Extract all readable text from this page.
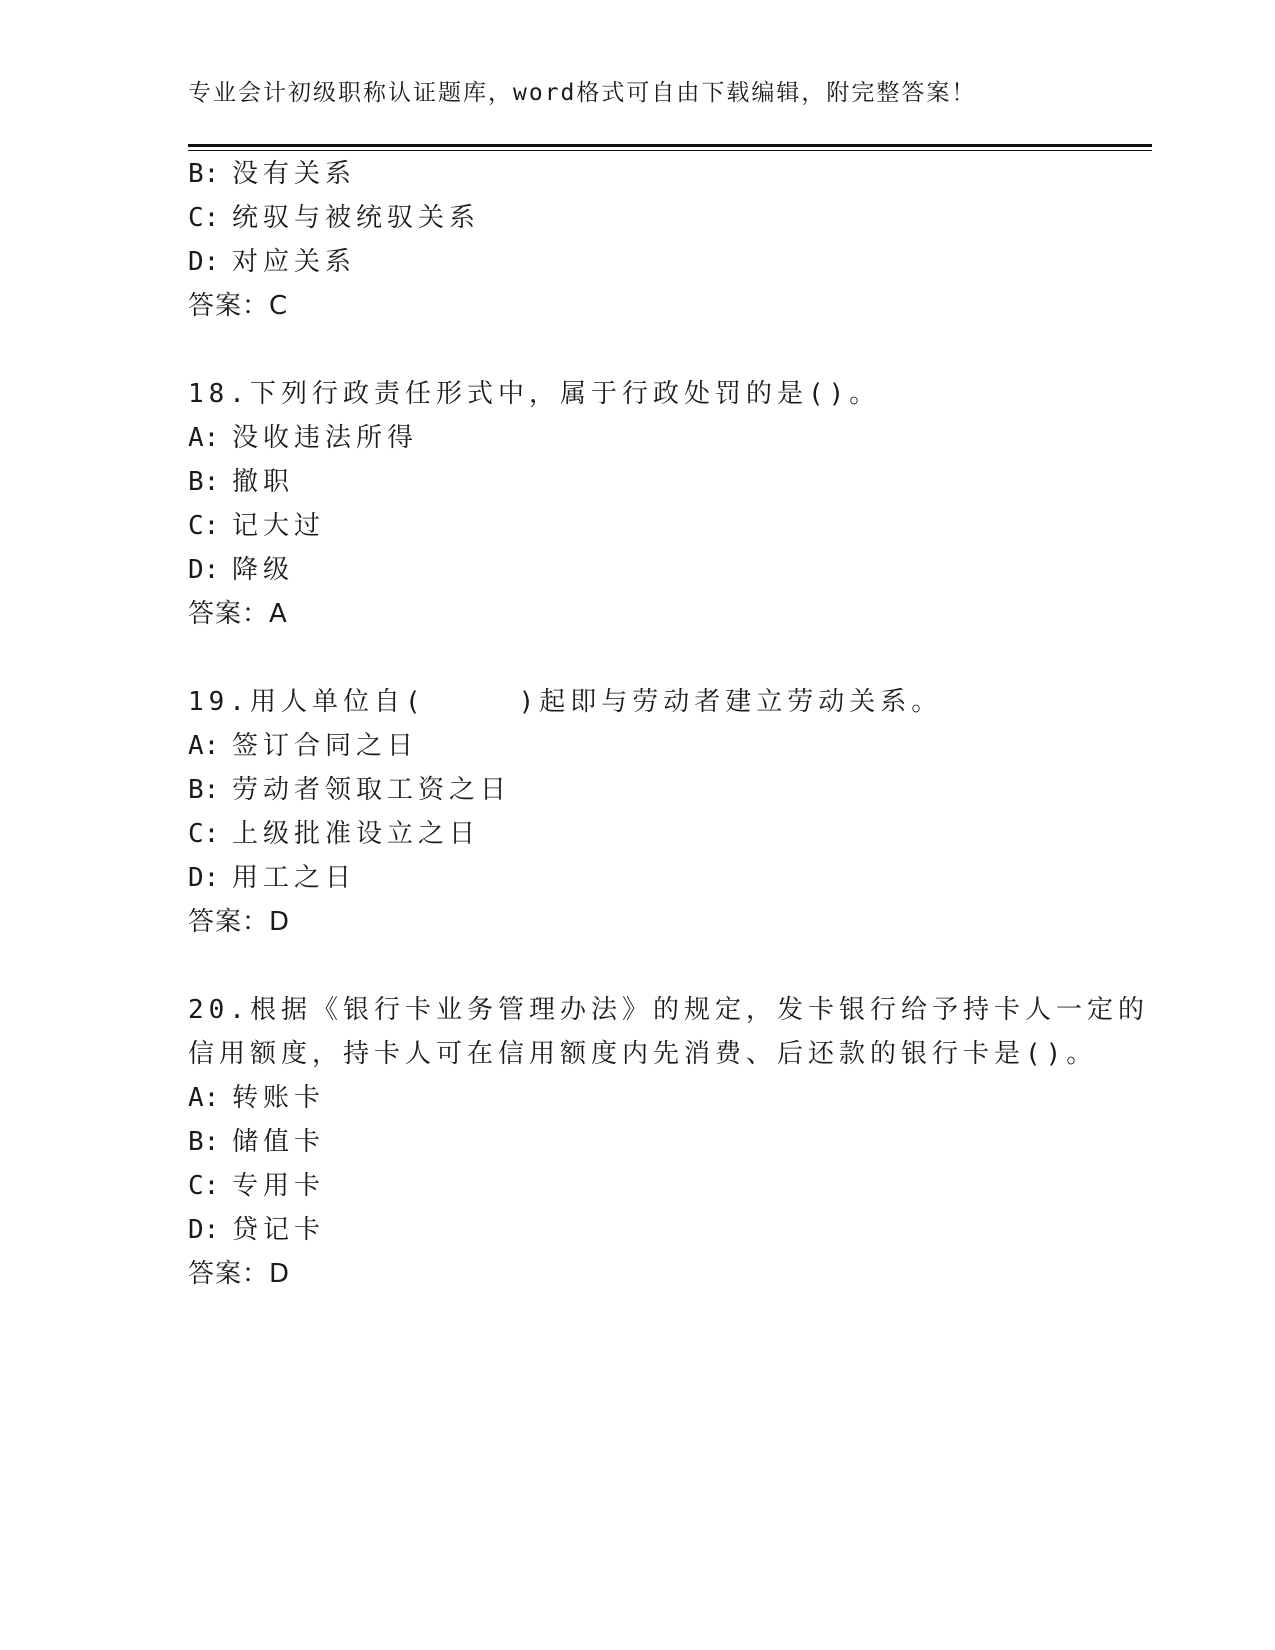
专业会计初级职称认证题库，word格式可自由下载编辑，附完整答案！
B: 没有关系
C: 统驭与被统驭关系
D: 对应关系
答案：C
18.下列行政责任形式中，属于行政处罚的是()。
A: 没收违法所得
B: 撤职
C: 记大过
D: 降级
答案：A
19.用人单位自(　　　)起即与劳动者建立劳动关系。
A: 签订合同之日
B: 劳动者领取工资之日
C: 上级批准设立之日
D: 用工之日
答案：D
20.根据《银行卡业务管理办法》的规定，发卡银行给予持卡人一定的
信用额度，持卡人可在信用额度内先消费、后还款的银行卡是()。
A: 转账卡
B: 储值卡
C: 专用卡
D: 贷记卡
答案：D
